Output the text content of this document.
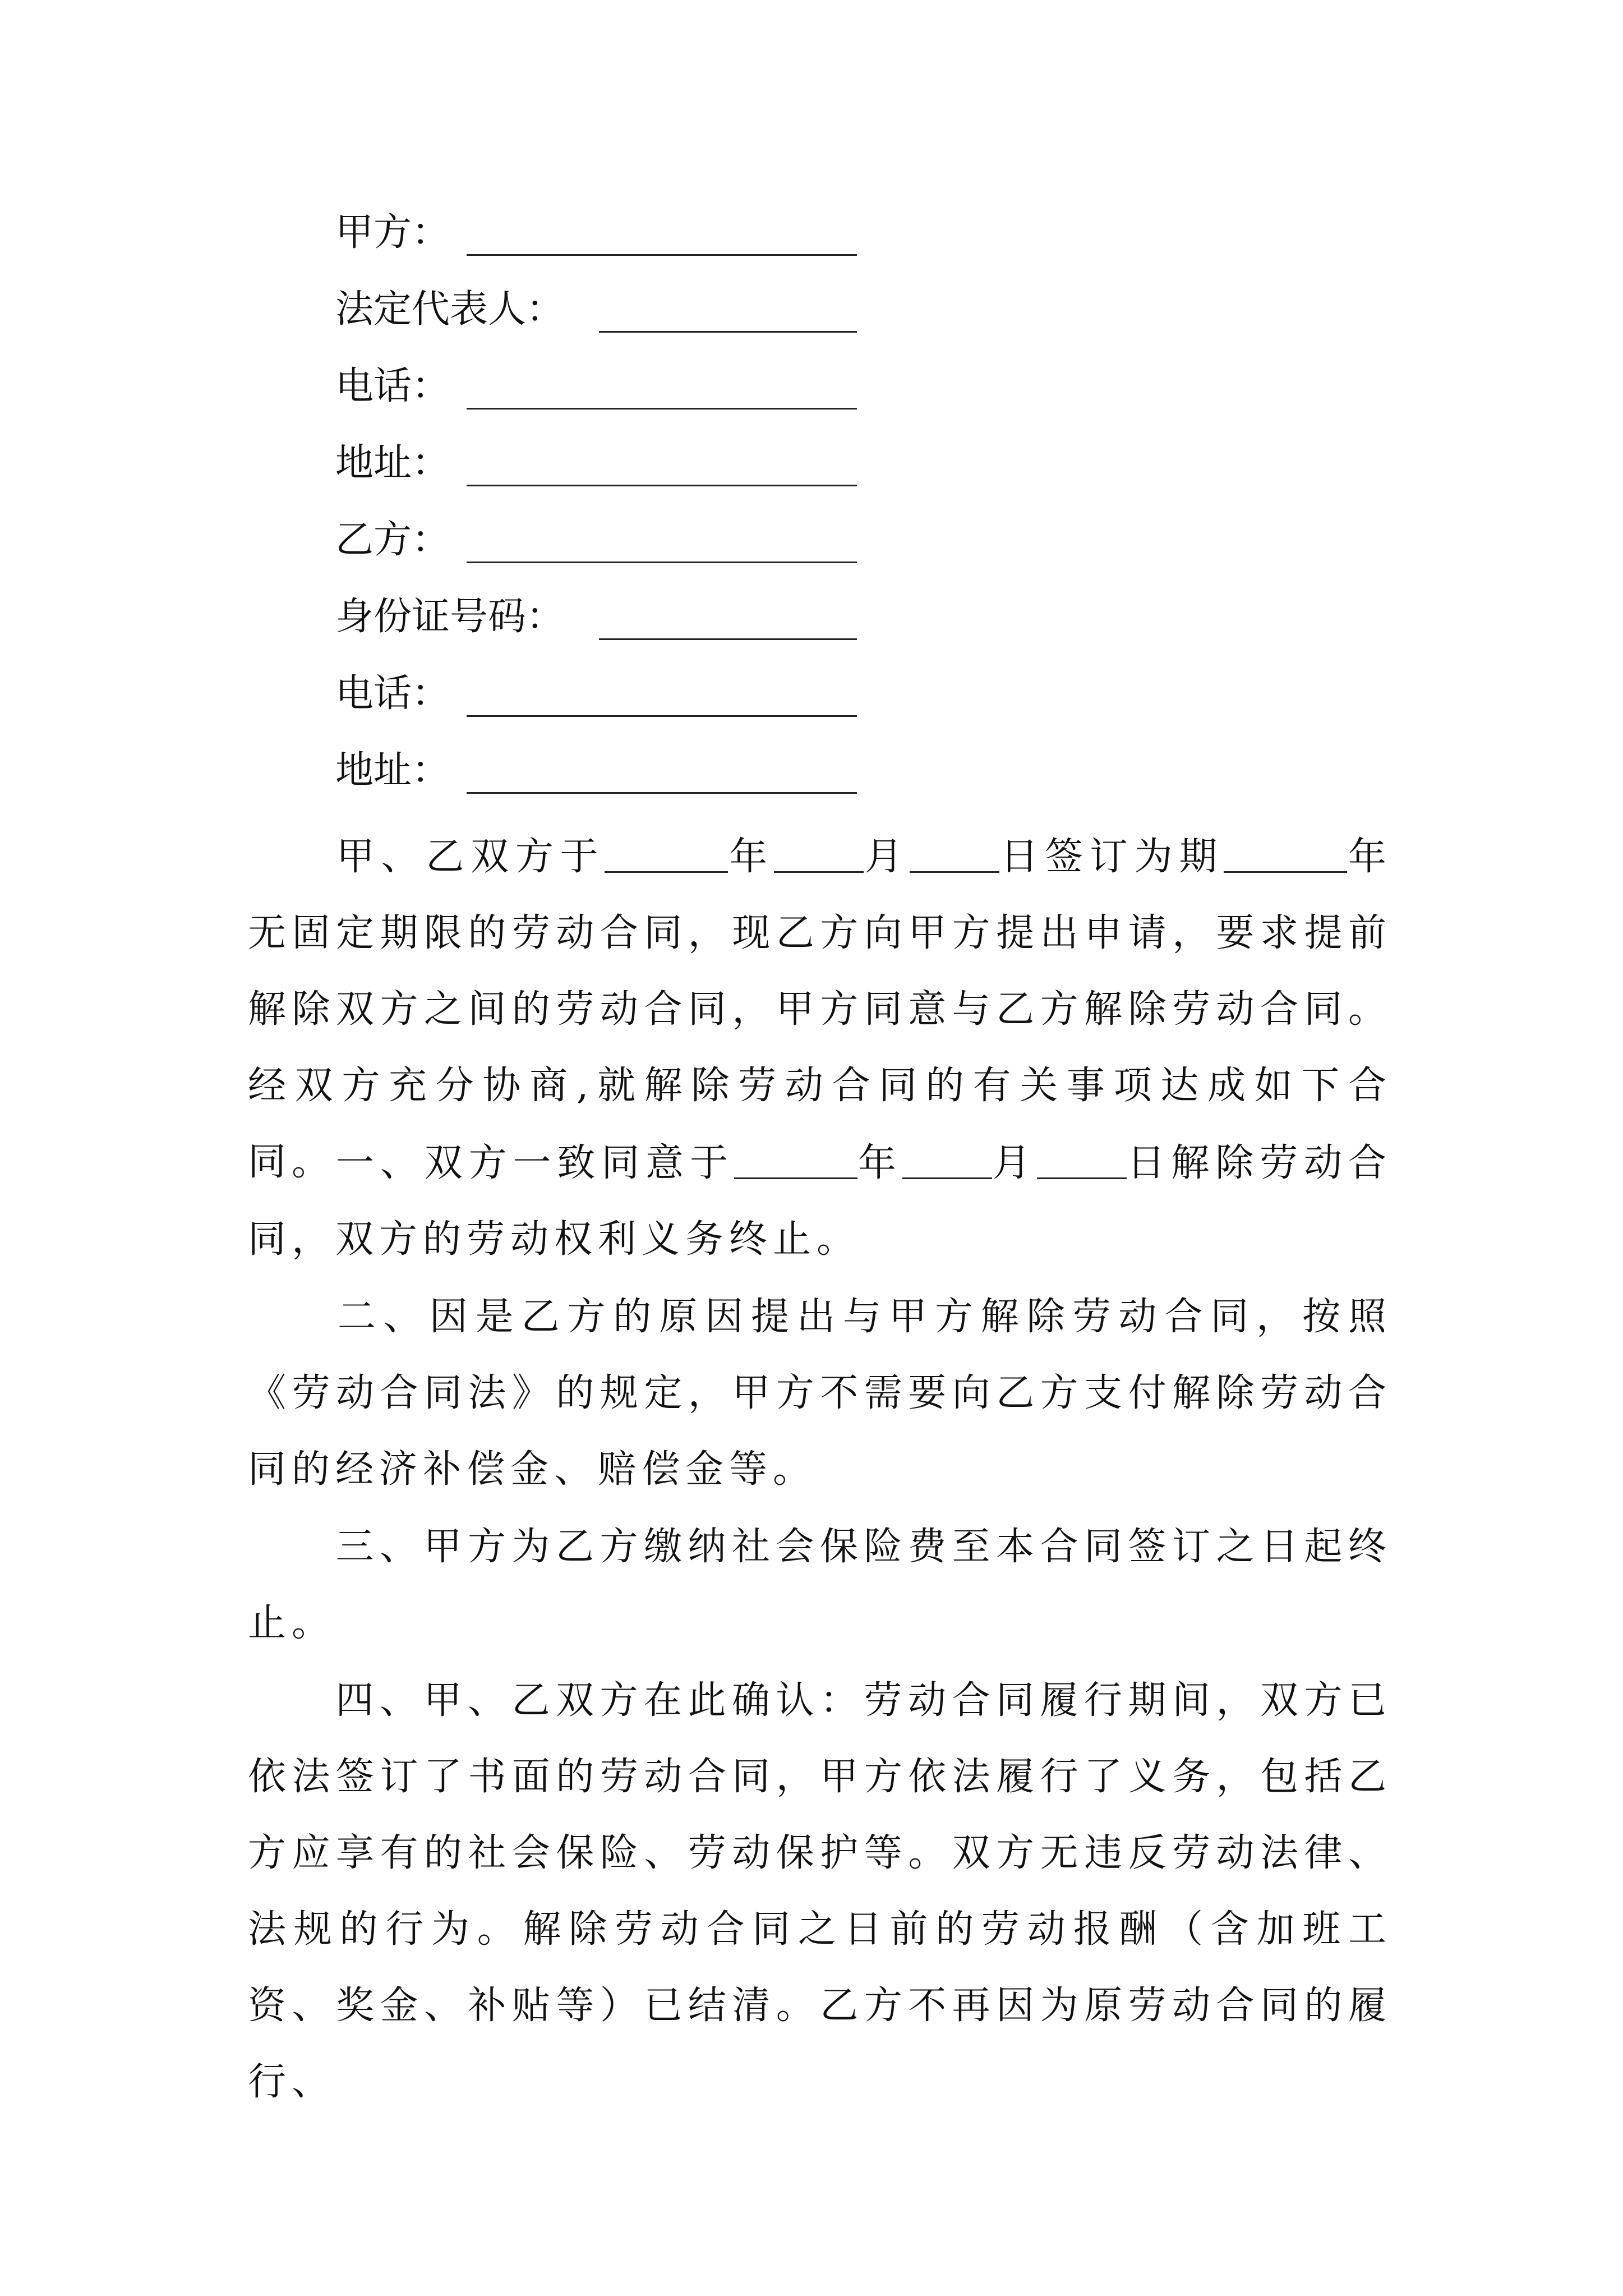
甲方：
法定代表人：
电话：
地址：
乙方：
身份证号码：
电话：
地址：
甲、乙双方于	年 月 日签订为期	年无固定期限的劳动合同，现乙方向甲方提出申请，要求提前解除双方之间的劳动合同，甲方同意与乙方解除劳动合同。经双方充分协商,就解除劳动合同的有关事项达成如下合同。 一、双方一致同意于	年 月 日解除劳动合同，双方的劳动权利义务终止。
二、因是乙方的原因提出与甲方解除劳动合同，按照《劳动合同法》的规定，甲方不需要向乙方支付解除劳动合同的经济补偿金、赔偿金等。
三、甲方为乙方缴纳社会保险费至本合同签订之日起终止。
四、甲、乙双方在此确认：劳动合同履行期间，双方已依法签订了书面的劳动合同，甲方依法履行了义务，包括乙方应享有的社会保险、劳动保护等。双方无违反劳动法律、法规的行为。解除劳动合同之日前的劳动报酬（含加班工资、奖金、补贴等）已结清。乙方不再因为原劳动合同的履行、
